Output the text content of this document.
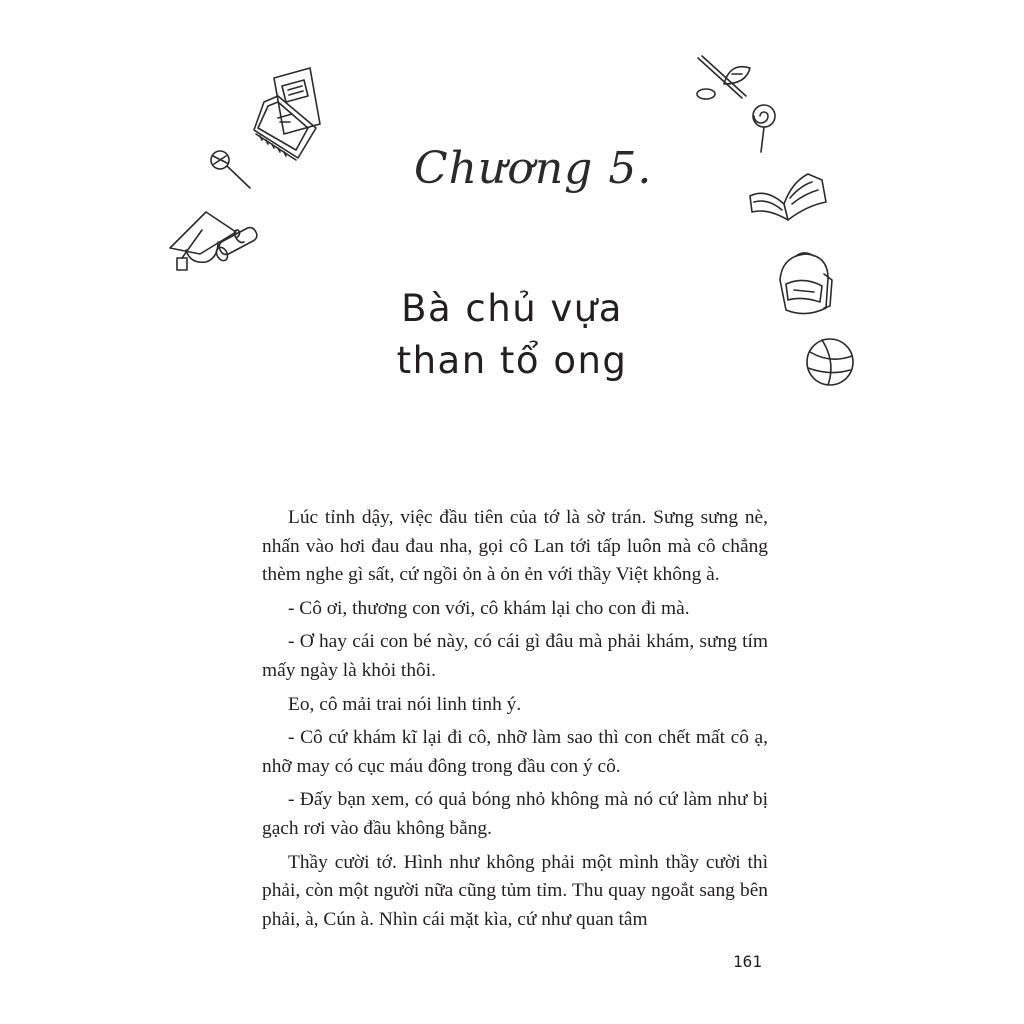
Chương 5.
Bà chủ vựa
than tổ ong

Lúc tỉnh dậy, việc đầu tiên của tớ là sờ trán. Sưng sưng nè, nhấn vào hơi đau đau nha, gọi cô Lan tới tấp luôn mà cô chẳng thèm nghe gì sất, cứ ngồi ỏn à ỏn ẻn với thầy Việt không à.

- Cô ơi, thương con với, cô khám lại cho con đi mà.

- Ơ hay cái con bé này, có cái gì đâu mà phải khám, sưng tím mấy ngày là khỏi thôi.

Eo, cô mải trai nói linh tinh ý.

- Cô cứ khám kĩ lại đi cô, nhỡ làm sao thì con chết mất cô ạ, nhỡ may có cục máu đông trong đầu con ý cô.

- Đấy bạn xem, có quả bóng nhỏ không mà nó cứ làm như bị gạch rơi vào đầu không bằng.

Thầy cười tớ. Hình như không phải một mình thầy cười thì phải, còn một người nữa cũng tủm tỉm. Thu quay ngoắt sang bên phải, à, Cún à. Nhìn cái mặt kìa, cứ như quan tâm

161
